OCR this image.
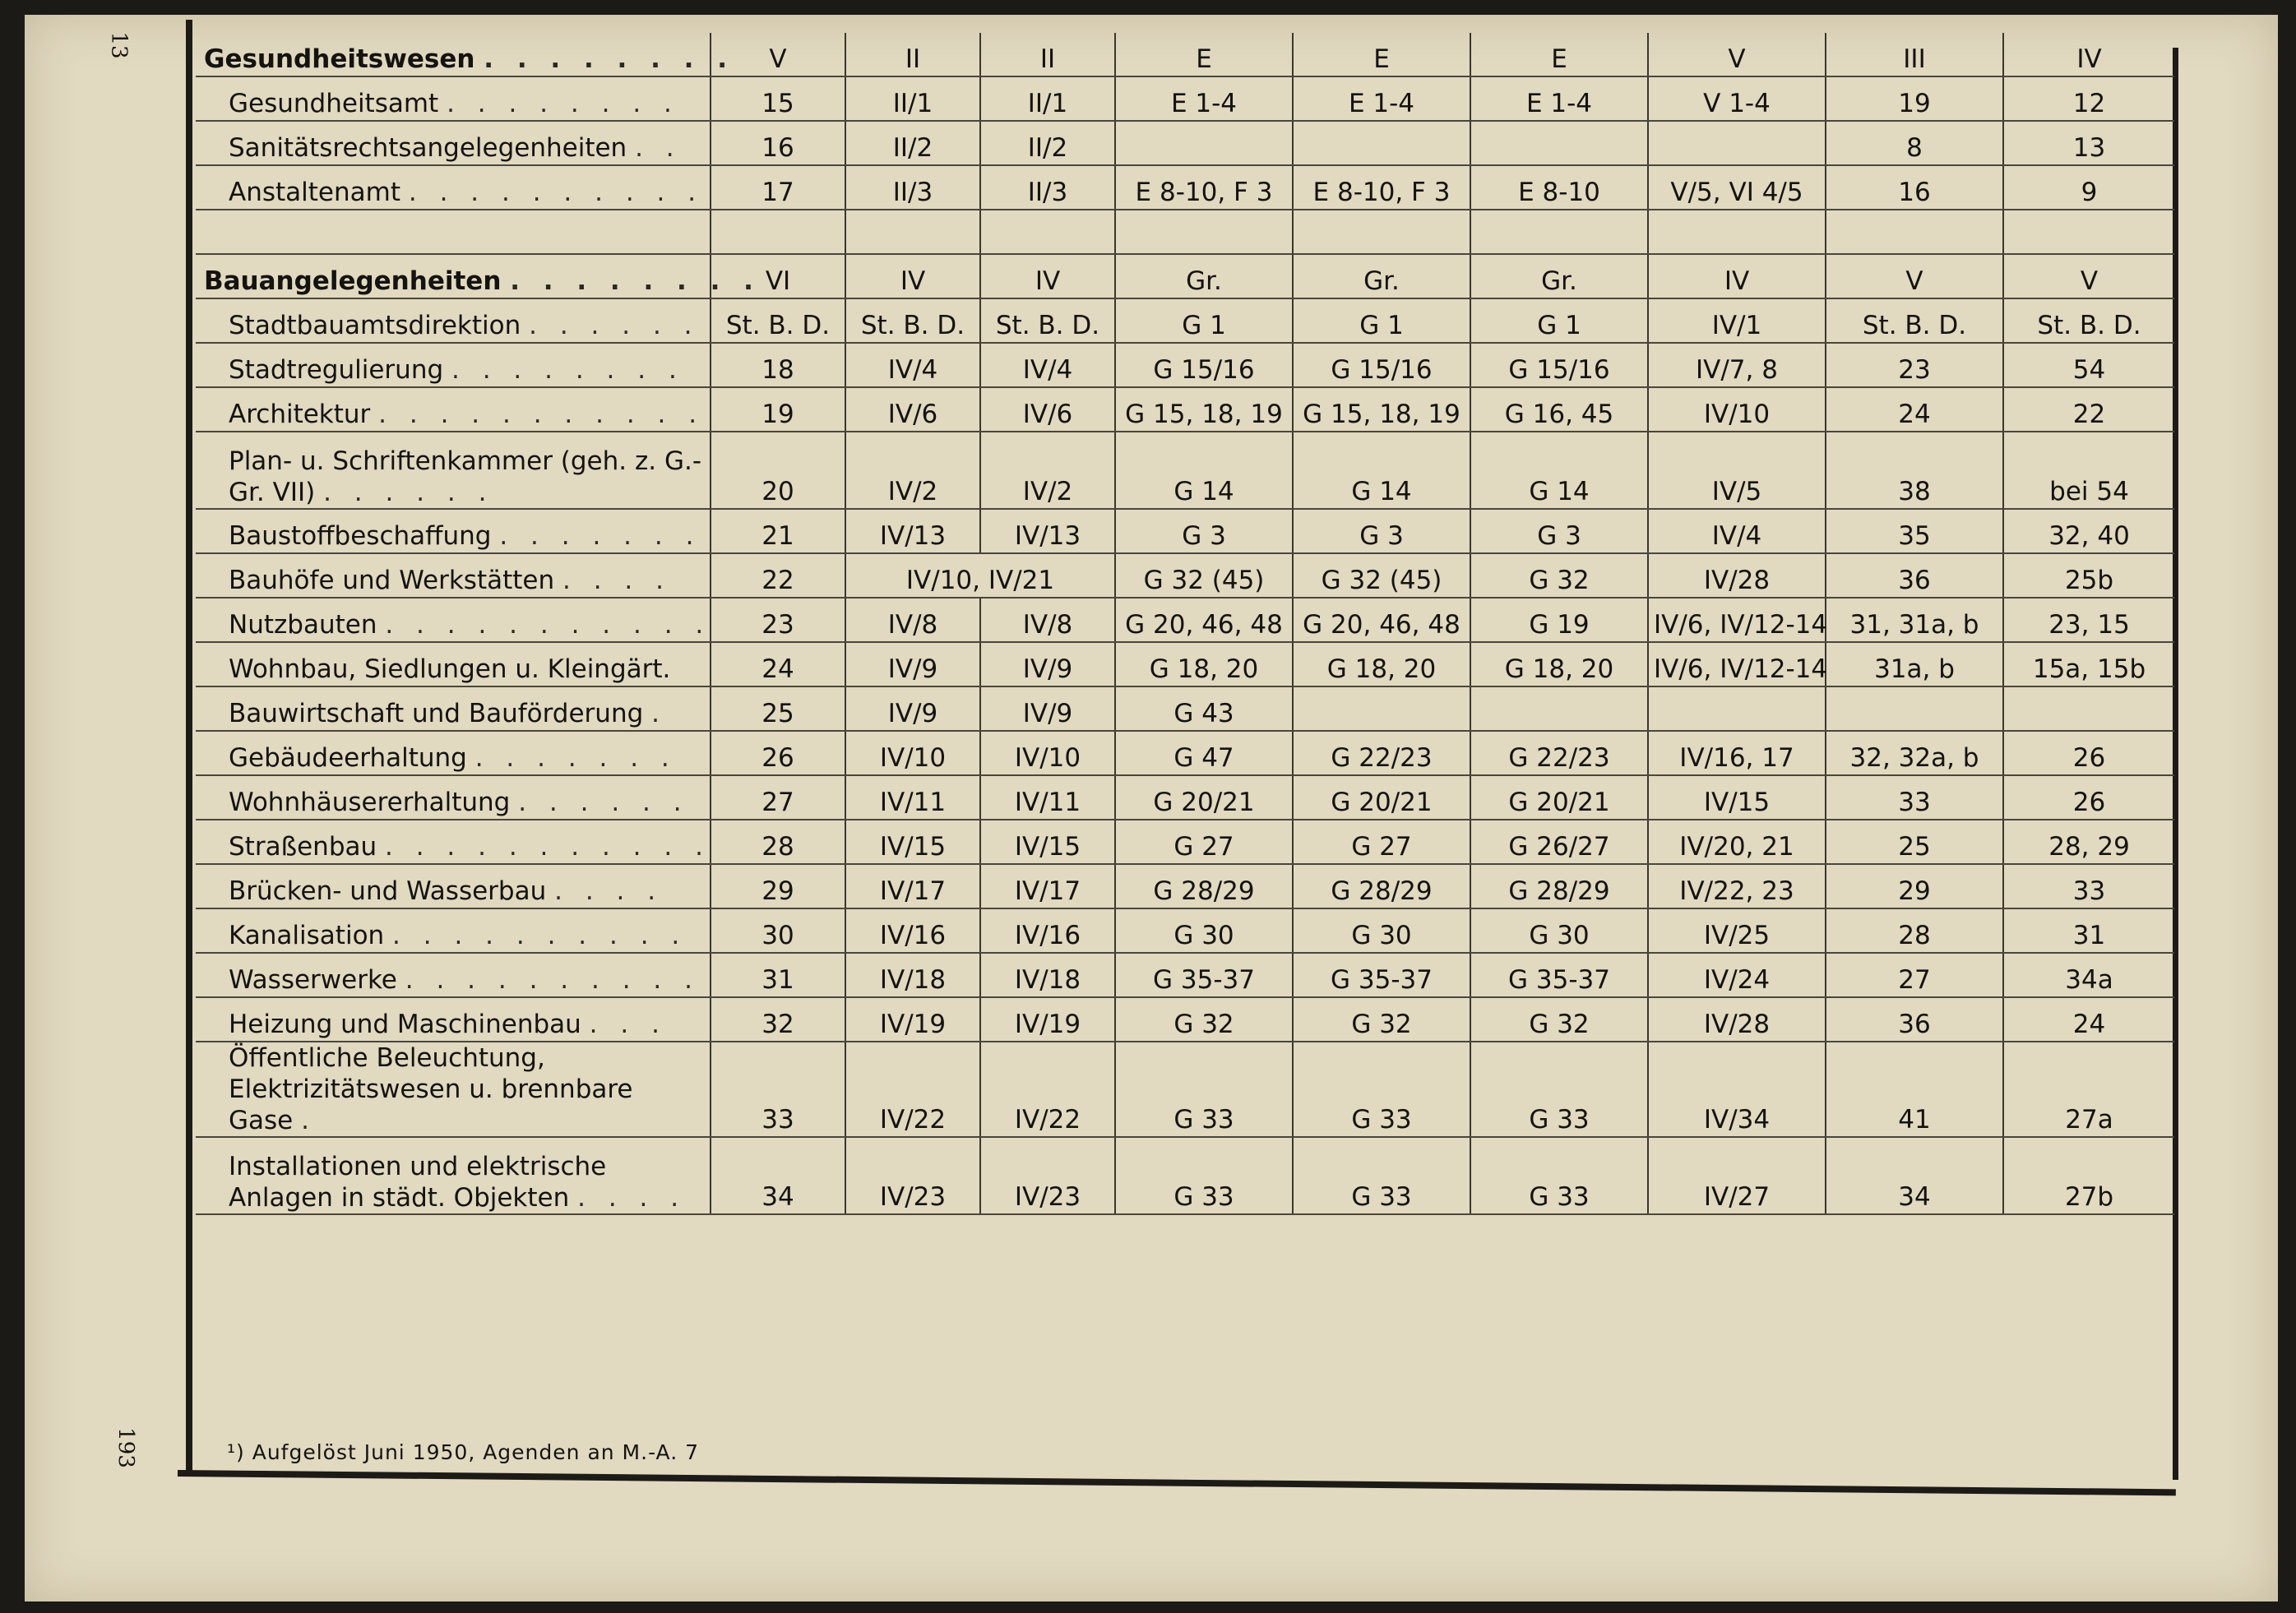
13
193
Gesundheitswesen . . . . . . . .	V	II	II	E	E	E	V	III	IV
Gesundheitsamt . . . . . . . .	15	II/1	II/1	E 1-4	E 1-4	E 1-4	V 1-4	19	12
Sanitätsrechtsangelegenheiten . .	16	II/2	II/2					8	13
Anstaltenamt . . . . . . . . . .	17	II/3	II/3	E 8-10, F 3	E 8-10, F 3	E 8-10	V/5, VI 4/5	16	9

Bauangelegenheiten . . . . . . . .	VI	IV	IV	Gr.	Gr.	Gr.	IV	V	V
Stadtbauamtsdirektion . . . . . .	St. B. D.	St. B. D.	St. B. D.	G 1	G 1	G 1	IV/1	St. B. D.	St. B. D.
Stadtregulierung . . . . . . . .	18	IV/4	IV/4	G 15/16	G 15/16	G 15/16	IV/7, 8	23	54
Architektur . . . . . . . . . . .	19	IV/6	IV/6	G 15, 18, 19	G 15, 18, 19	G 16, 45	IV/10	24	22
Plan- u. Schriftenkammer (geh. z. G.-Gr. VII) . . . . . .	20	IV/2	IV/2	G 14	G 14	G 14	IV/5	38	bei 54
Baustoffbeschaffung . . . . . . .	21	IV/13	IV/13	G 3	G 3	G 3	IV/4	35	32, 40
Bauhöfe und Werkstätten . . . .	22	IV/10, IV/21		G 32 (45)	G 32 (45)	G 32	IV/28	36	25b
Nutzbauten . . . . . . . . . . .	23	IV/8	IV/8	G 20, 46, 48	G 20, 46, 48	G 19	IV/6, IV/12-14	31, 31a, b	23, 15
Wohnbau, Siedlungen u. Kleingärt.	24	IV/9	IV/9	G 18, 20	G 18, 20	G 18, 20	IV/6, IV/12-14	31a, b	15a, 15b
Bauwirtschaft und Bauförderung .	25	IV/9	IV/9	G 43					
Gebäudeerhaltung . . . . . . .	26	IV/10	IV/10	G 47	G 22/23	G 22/23	IV/16, 17	32, 32a, b	26
Wohnhäusererhaltung . . . . . .	27	IV/11	IV/11	G 20/21	G 20/21	G 20/21	IV/15	33	26
Straßenbau . . . . . . . . . . .	28	IV/15	IV/15	G 27	G 27	G 26/27	IV/20, 21	25	28, 29
Brücken- und Wasserbau . . . .	29	IV/17	IV/17	G 28/29	G 28/29	G 28/29	IV/22, 23	29	33
Kanalisation . . . . . . . . . .	30	IV/16	IV/16	G 30	G 30	G 30	IV/25	28	31
Wasserwerke . . . . . . . . . .	31	IV/18	IV/18	G 35-37	G 35-37	G 35-37	IV/24	27	34a
Heizung und Maschinenbau . . .	32	IV/19	IV/19	G 32	G 32	G 32	IV/28	36	24
Öffentliche Beleuchtung, Elektrizitätswesen u. brennbare Gase .	33	IV/22	IV/22	G 33	G 33	G 33	IV/34	41	27a
Installationen und elektrische Anlagen in städt. Objekten . . . .	34	IV/23	IV/23	G 33	G 33	G 33	IV/27	34	27b
¹) Aufgelöst Juni 1950, Agenden an M.-A. 7
